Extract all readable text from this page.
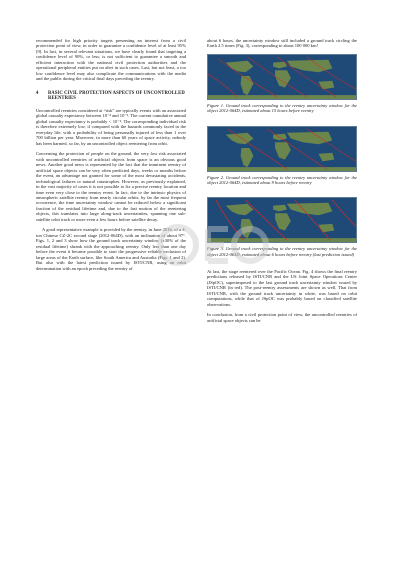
recommended for high priority targets presenting an interest from a civil protection point of view, in order to guarantee a confidence level of at least 95% [9]. In fact, in several relevant situations, we have clearly found that targeting a confidence level of 90%, or less, is not sufficient to guarantee a smooth and efficient interaction with the national civil protection authorities and the operational peripheral entities put on alert in such cases. Last, but not least, a too low confidence level may also complicate the communications with the media and the public during the critical final days preceding the reentry.

4	BASIC CIVIL PROTECTION ASPECTS OF UNCONTROLLED REENTRIES

Uncontrolled reentries considered at “risk” are typically events with an associated global casualty expectancy between 10⁻⁴ and 10⁻². The current cumulative annual global casualty expectancy is probably < 10⁻². The corresponding individual risk is therefore extremely low, if compared with the hazards commonly faced in the everyday life, with a probability of being personally injured of less than 1 over 700 billion per year. Moreover, in more than 60 years of space activity, nobody has been harmed, so far, by an uncontrolled object reentering from orbit.

Concerning the protection of people on the ground, the very low risk associated with uncontrolled reentries of artificial objects from space is an obvious good news. Another good news is represented by the fact that the imminent reentry of artificial space objects can be very often predicted days, weeks or months before the event, an advantage not granted for some of the most devastating accidents, technological failures or natural catastrophes. However, as previously explained, in the vast majority of cases it is not possible to fix a precise reentry location and time even very close to the reentry event. In fact, due to the intrinsic physics of atmospheric satellite reentry from nearly circular orbits, by far the most frequent occurrence, the time uncertainty window cannot be reduced below a significant fraction of the residual lifetime and, due to the fast motion of the reentering objects, this translates into large along-track uncertainties, spanning one sub-satellite orbit track or more even a few hours before satellite decay.

A good representative example is provided by the reentry, in June 2016, of a 4-ton Chinese CZ-2C second stage (2012-064D), with an inclination of about 97°. Figs. 1, 2 and 3 show how the ground track uncertainty window (±30% of the residual lifetime) shrank with the approaching reentry. Only less than one day before the event it became possible to start the progressive reliable exclusion of large areas of the Earth surface, like South America and Australia (Figs. 1 and 2). But also with the latest prediction issued by ISTI/CNR, using an orbit determination with an epoch preceding the reentry of

about 6 hours, the uncertainty window still included a ground track circling the Earth 2.5 times (Fig. 3), corresponding to about 100 000 km!

Figure 1. Ground track corresponding to the reentry uncertainty window for the object 2012-064D, estimated about 15 hours before reentry
Figure 2. Ground track corresponding to the reentry uncertainty window for the object 2012-064D, estimated about 9 hours before reentry
Figure 3. Ground track corresponding to the reentry uncertainty window for the object 2012-064D, estimated about 6 hours before reentry (last prediction issued)

At last, the stage reentered over the Pacific Ocean. Fig. 4 shows the final reentry predictions released by ISTI/CNR and the US Joint Space Operations Center (JSpOC), superimposed to the last ground track uncertainty window issued by ISTI/CNR (in red). The post-reentry assessments are shown as well. That from ISTI/CNR, with the ground track uncertainty in white, was based on orbit computations, while that of JSpOC was probably based on classified satellite observations.

In conclusion, from a civil protection point of view, the uncontrolled reentries of artificial space objects can be
